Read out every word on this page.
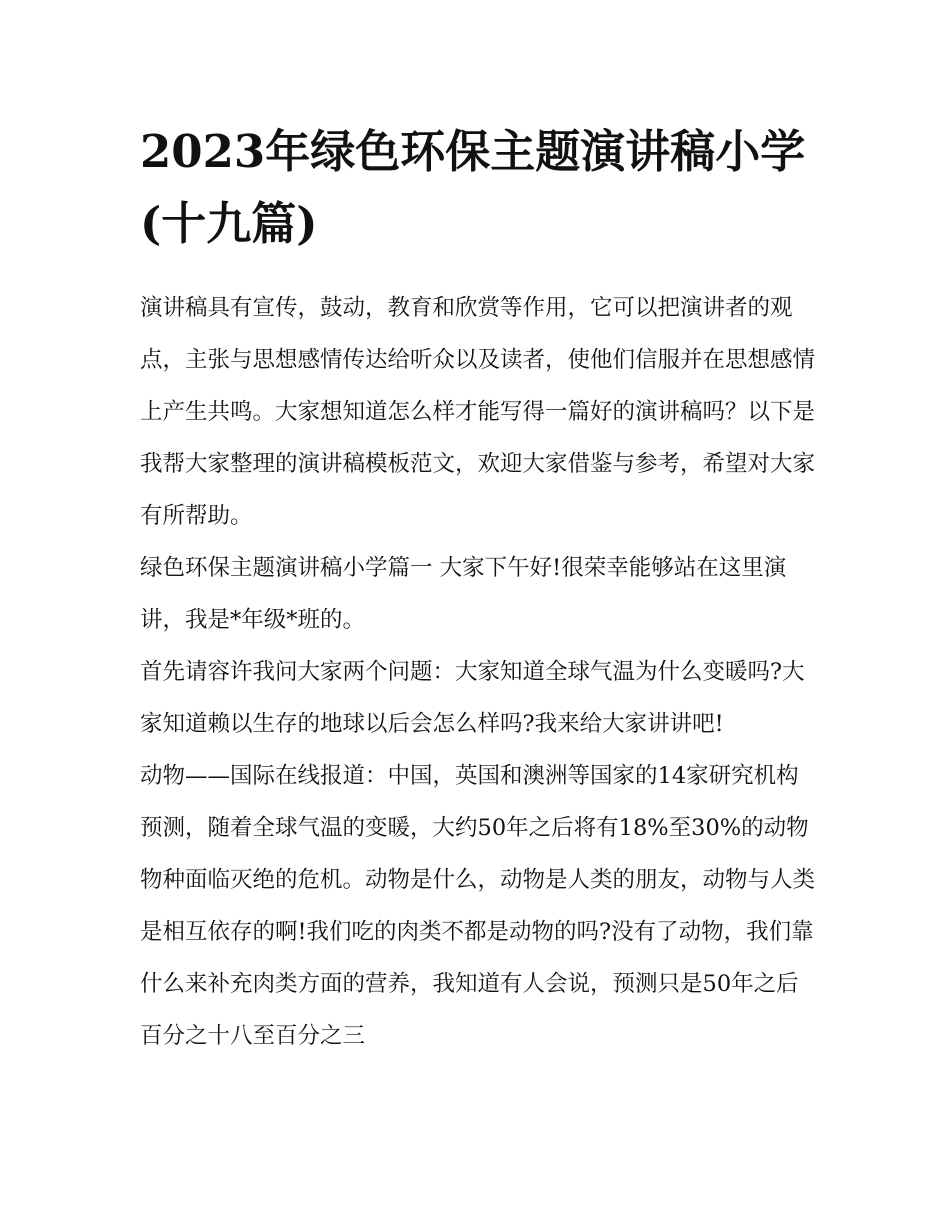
2023年绿色环保主题演讲稿小学(十九篇)

演讲稿具有宣传，鼓动，教育和欣赏等作用，它可以把演讲者的观点，主张与思想感情传达给听众以及读者，使他们信服并在思想感情上产生共鸣。大家想知道怎么样才能写得一篇好的演讲稿吗？以下是我帮大家整理的演讲稿模板范文，欢迎大家借鉴与参考，希望对大家有所帮助。

绿色环保主题演讲稿小学篇一 大家下午好!很荣幸能够站在这里演讲，我是*年级*班的。

首先请容许我问大家两个问题：大家知道全球气温为什么变暖吗?大家知道赖以生存的地球以后会怎么样吗?我来给大家讲讲吧!

动物——国际在线报道：中国，英国和澳洲等国家的14家研究机构预测，随着全球气温的变暖，大约50年之后将有18%至30%的动物物种面临灭绝的危机。动物是什么，动物是人类的朋友，动物与人类是相互依存的啊!我们吃的肉类不都是动物的吗?没有了动物，我们靠什么来补充肉类方面的营养，我知道有人会说，预测只是50年之后百分之十八至百分之三
